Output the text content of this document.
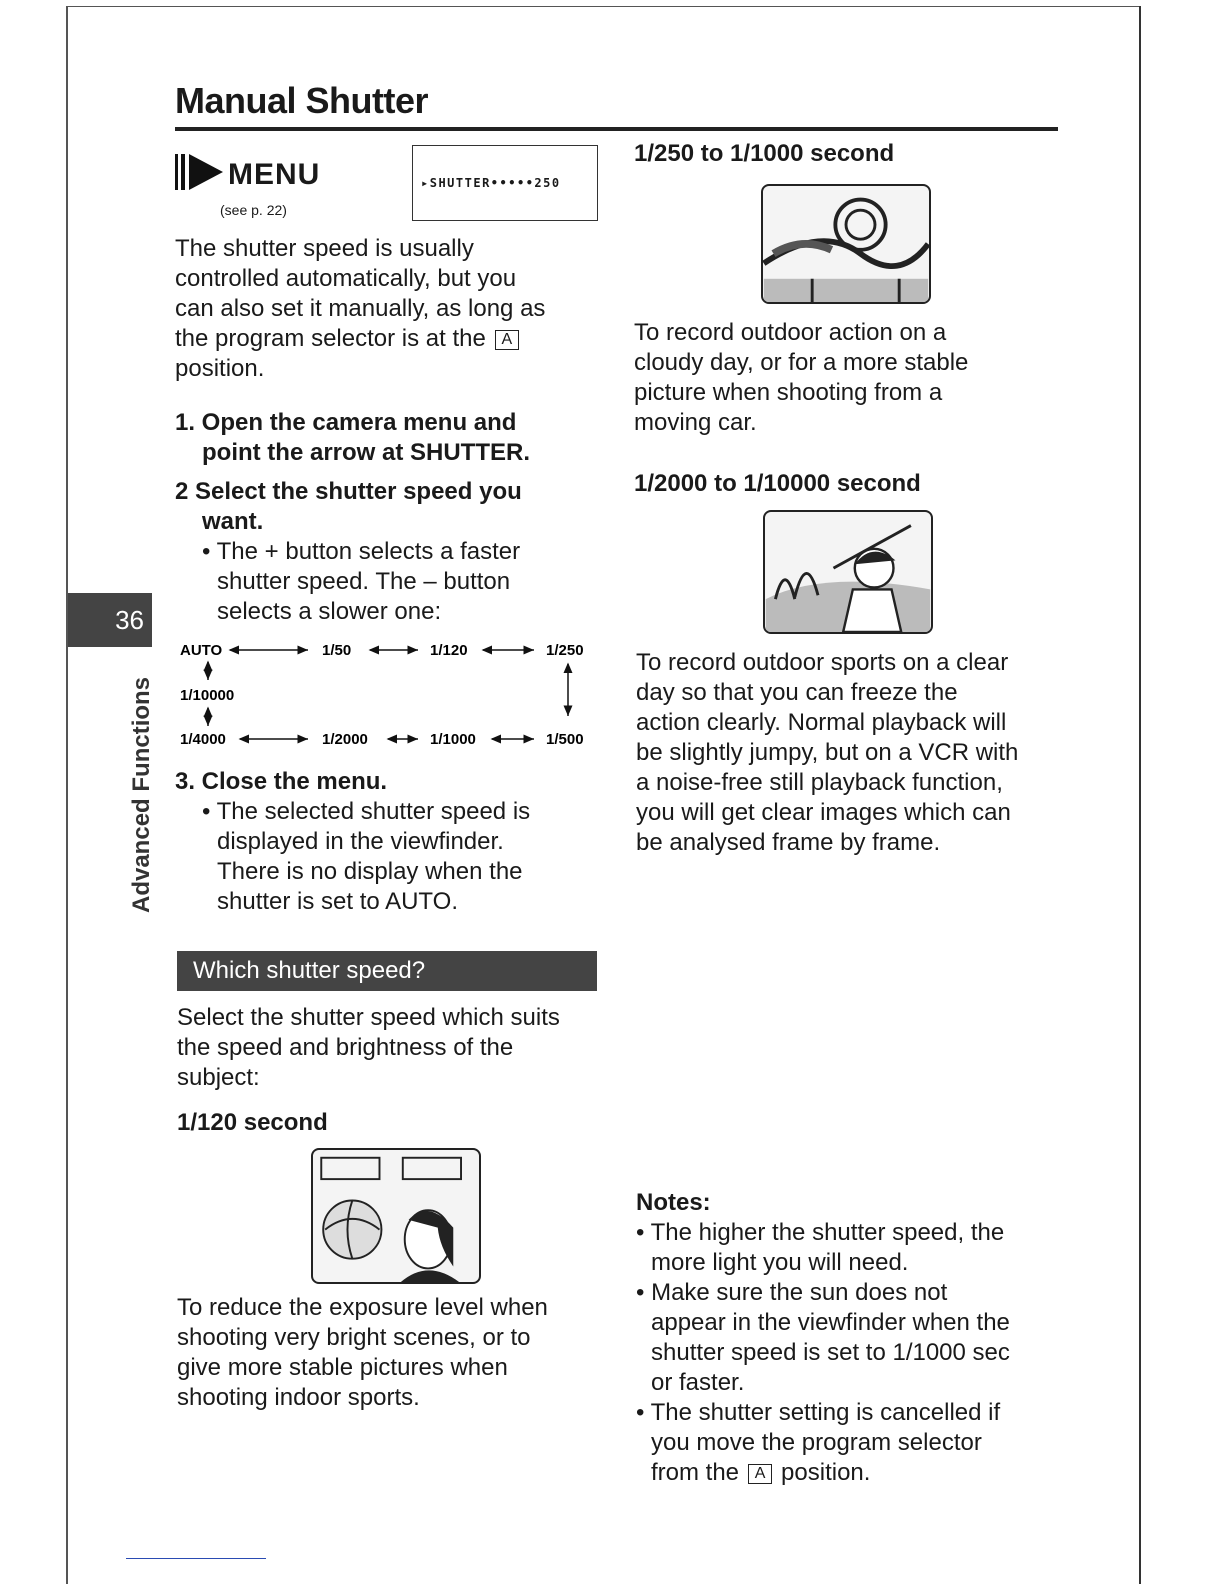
Manual Shutter
36
Advanced Functions
MENU
(see p. 22)
▸SHUTTER•••••250
The shutter speed is usually
controlled automatically, but you
can also set it manually, as long as
the program selector is at the A
position.
1. Open the camera menu and
point the arrow at SHUTTER.
2 Select the shutter speed you
want.
• The + button selects a faster
shutter speed. The – button
selects a slower one:
AUTO	1/50	1/120	1/250
1/10000
1/4000	1/2000	1/1000	1/500
3. Close the menu.
• The selected shutter speed is
displayed in the viewfinder.
There is no display when the
shutter is set to AUTO.
Which shutter speed?
Select the shutter speed which suits
the speed and brightness of the
subject:
1/120 second
To reduce the exposure level when
shooting very bright scenes, or to
give more stable pictures when
shooting indoor sports.
1/250 to 1/1000 second
To record outdoor action on a
cloudy day, or for a more stable
picture when shooting from a
moving car.
1/2000 to 1/10000 second
To record outdoor sports on a clear
day so that you can freeze the
action clearly. Normal playback will
be slightly jumpy, but on a VCR with
a noise-free still playback function,
you will get clear images which can
be analysed frame by frame.
Notes:
• The higher the shutter speed, the
more light you will need.
• Make sure the sun does not
appear in the viewfinder when the
shutter speed is set to 1/1000 sec
or faster.
• The shutter setting is cancelled if
you move the program selector
from the A position.
